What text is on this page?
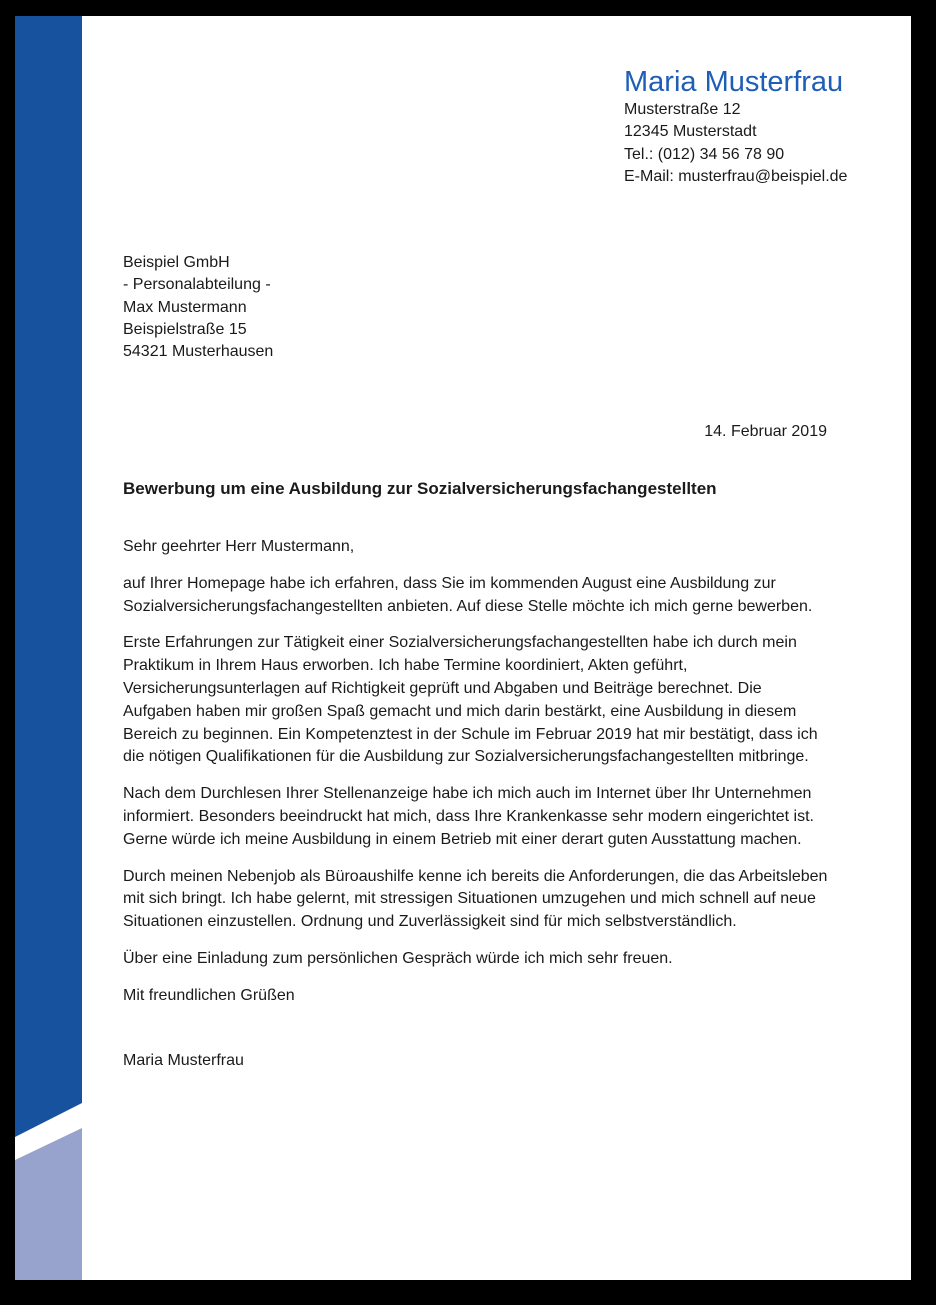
Maria Musterfrau
Musterstraße 12
12345 Musterstadt
Tel.: (012) 34 56 78 90
E-Mail: musterfrau@beispiel.de
Beispiel GmbH
- Personalabteilung -
Max Mustermann
Beispielstraße 15
54321 Musterhausen
14. Februar 2019
Bewerbung um eine Ausbildung zur Sozialversicherungsfachangestellten

Sehr geehrter Herr Mustermann,

auf Ihrer Homepage habe ich erfahren, dass Sie im kommenden August eine Ausbildung zur Sozialversicherungsfachangestellten anbieten. Auf diese Stelle möchte ich mich gerne bewerben.

Erste Erfahrungen zur Tätigkeit einer Sozialversicherungsfachangestellten habe ich durch mein Praktikum in Ihrem Haus erworben. Ich habe Termine koordiniert, Akten geführt, Versicherungsunterlagen auf Richtigkeit geprüft und Abgaben und Beiträge berechnet. Die Aufgaben haben mir großen Spaß gemacht und mich darin bestärkt, eine Ausbildung in diesem Bereich zu beginnen. Ein Kompetenztest in der Schule im Februar 2019 hat mir bestätigt, dass ich die nötigen Qualifikationen für die Ausbildung zur Sozialversicherungsfachangestellten mitbringe.

Nach dem Durchlesen Ihrer Stellenanzeige habe ich mich auch im Internet über Ihr Unternehmen informiert. Besonders beeindruckt hat mich, dass Ihre Krankenkasse sehr modern eingerichtet ist. Gerne würde ich meine Ausbildung in einem Betrieb mit einer derart guten Ausstattung machen.

Durch meinen Nebenjob als Büroaushilfe kenne ich bereits die Anforderungen, die das Arbeitsleben mit sich bringt. Ich habe gelernt, mit stressigen Situationen umzugehen und mich schnell auf neue Situationen einzustellen. Ordnung und Zuverlässigkeit sind für mich selbstverständlich.

Über eine Einladung zum persönlichen Gespräch würde ich mich sehr freuen.

Mit freundlichen Grüßen

Maria Musterfrau
